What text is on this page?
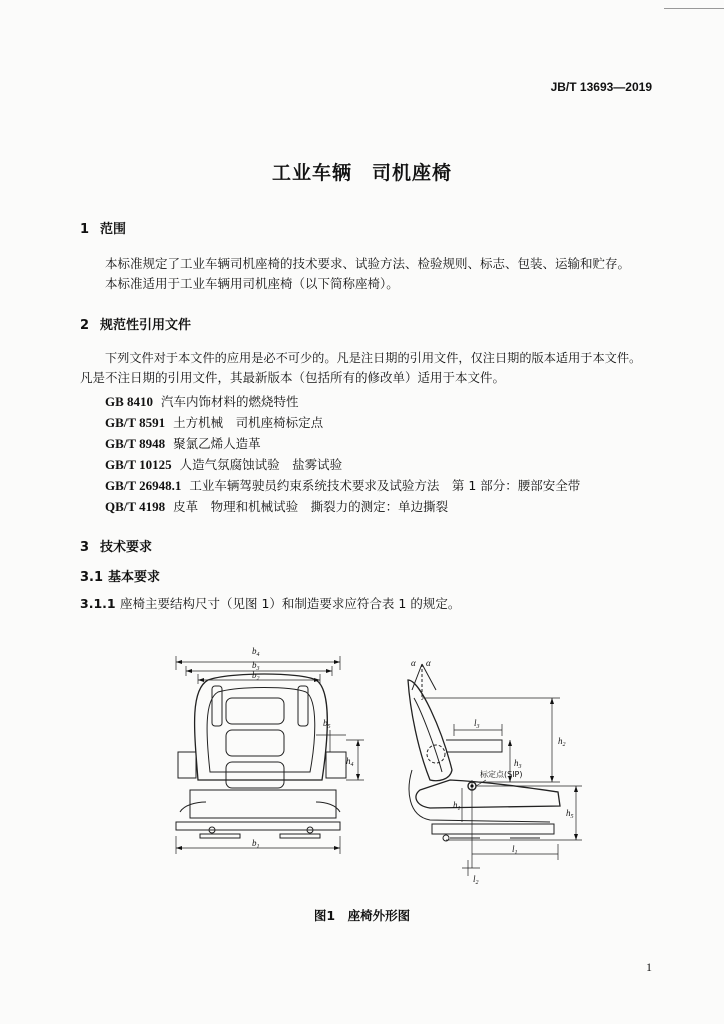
JB/T 13693—2019
工业车辆　司机座椅
1 范围
本标准规定了工业车辆司机座椅的技术要求、试验方法、检验规则、标志、包装、运输和贮存。
本标准适用于工业车辆用司机座椅（以下简称座椅）。
2 规范性引用文件
下列文件对于本文件的应用是必不可少的。凡是注日期的引用文件，仅注日期的版本适用于本文件。
凡是不注日期的引用文件，其最新版本（包括所有的修改单）适用于本文件。
GB 8410 汽车内饰材料的燃烧特性
GB/T 8591 土方机械　司机座椅标定点
GB/T 8948 聚氯乙烯人造革
GB/T 10125 人造气氛腐蚀试验　盐雾试验
GB/T 26948.1 工业车辆驾驶员约束系统技术要求及试验方法　第 1 部分：腰部安全带
QB/T 4198 皮革　物理和机械试验　撕裂力的测定：单边撕裂
3 技术要求
3.1 基本要求
3.1.1 座椅主要结构尺寸（见图 1）和制造要求应符合表 1 的规定。
$b_4$
$b_3$
$b_2$
$b_5$
$h_4$
$b_1$
α α
$l_3$
$h_2$
$h_3$
$h_1$	$h_5$
$l_1$
$l_2$
标定点(SIP)
图1　座椅外形图
1
